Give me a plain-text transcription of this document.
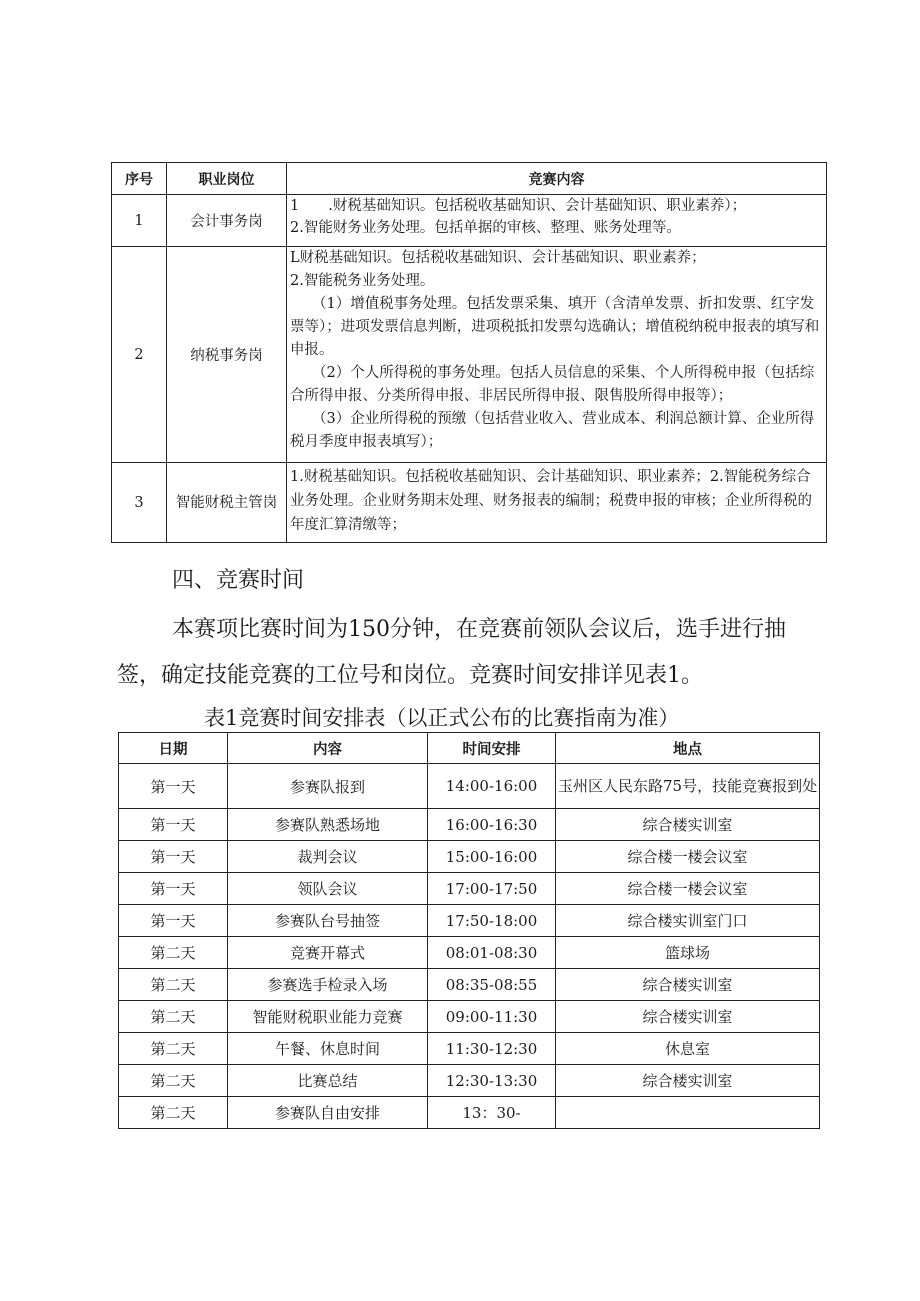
序号	职业岗位	竞赛内容
1	会计事务岗	1　　.财税基础知识。包括税收基础知识、会计基础知识、职业素养）；
2.智能财务业务处理。包括单据的审核、整理、账务处理等。

2	纳税事务岗	L财税基础知识。包括税收基础知识、会计基础知识、职业素养；

2.智能税务业务处理。

（1）增值税事务处理。包括发票采集、填开（含清单发票、折扣发票、红字发票等）；进项发票信息判断，进项税抵扣发票勾选确认；增值税纳税申报表的填写和申报。

（2）个人所得税的事务处理。包括人员信息的采集、个人所得税申报（包括综合所得申报、分类所得申报、非居民所得申报、限售股所得申报等）；

（3）企业所得税的预缴（包括营业收入、营业成本、利润总额计算、企业所得税月季度申报表填写）；

3	智能财税主管岗	1.财税基础知识。包括税收基础知识、会计基础知识、职业素养；2.智能税务综合业务处理。企业财务期末处理、财务报表的编制；税费申报的审核；企业所得税的年度汇算清缴等；

四、竞赛时间

本赛项比赛时间为150分钟，在竞赛前领队会议后，选手进行抽签，确定技能竞赛的工位号和岗位。竞赛时间安排详见表1。

表1竞赛时间安排表（以正式公布的比赛指南为准）
日期	内容	时间安排	地点
第一天	参赛队报到	14:00-16:00	玉州区人民东路75号，技能竞赛报到处
第一天	参赛队熟悉场地	16:00-16:30	综合楼实训室
第一天	裁判会议	15:00-16:00	综合楼一楼会议室
第一天	领队会议	17:00-17:50	综合楼一楼会议室
第一天	参赛队台号抽签	17:50-18:00	综合楼实训室门口
第二天	竞赛开幕式	08:01-08:30	篮球场
第二天	参赛选手检录入场	08:35-08:55	综合楼实训室
第二天	智能财税职业能力竞赛	09:00-11:30	综合楼实训室
第二天	午餐、休息时间	11:30-12:30	休息室
第二天	比赛总结	12:30-13:30	综合楼实训室
第二天	参赛队自由安排	13：30-	
